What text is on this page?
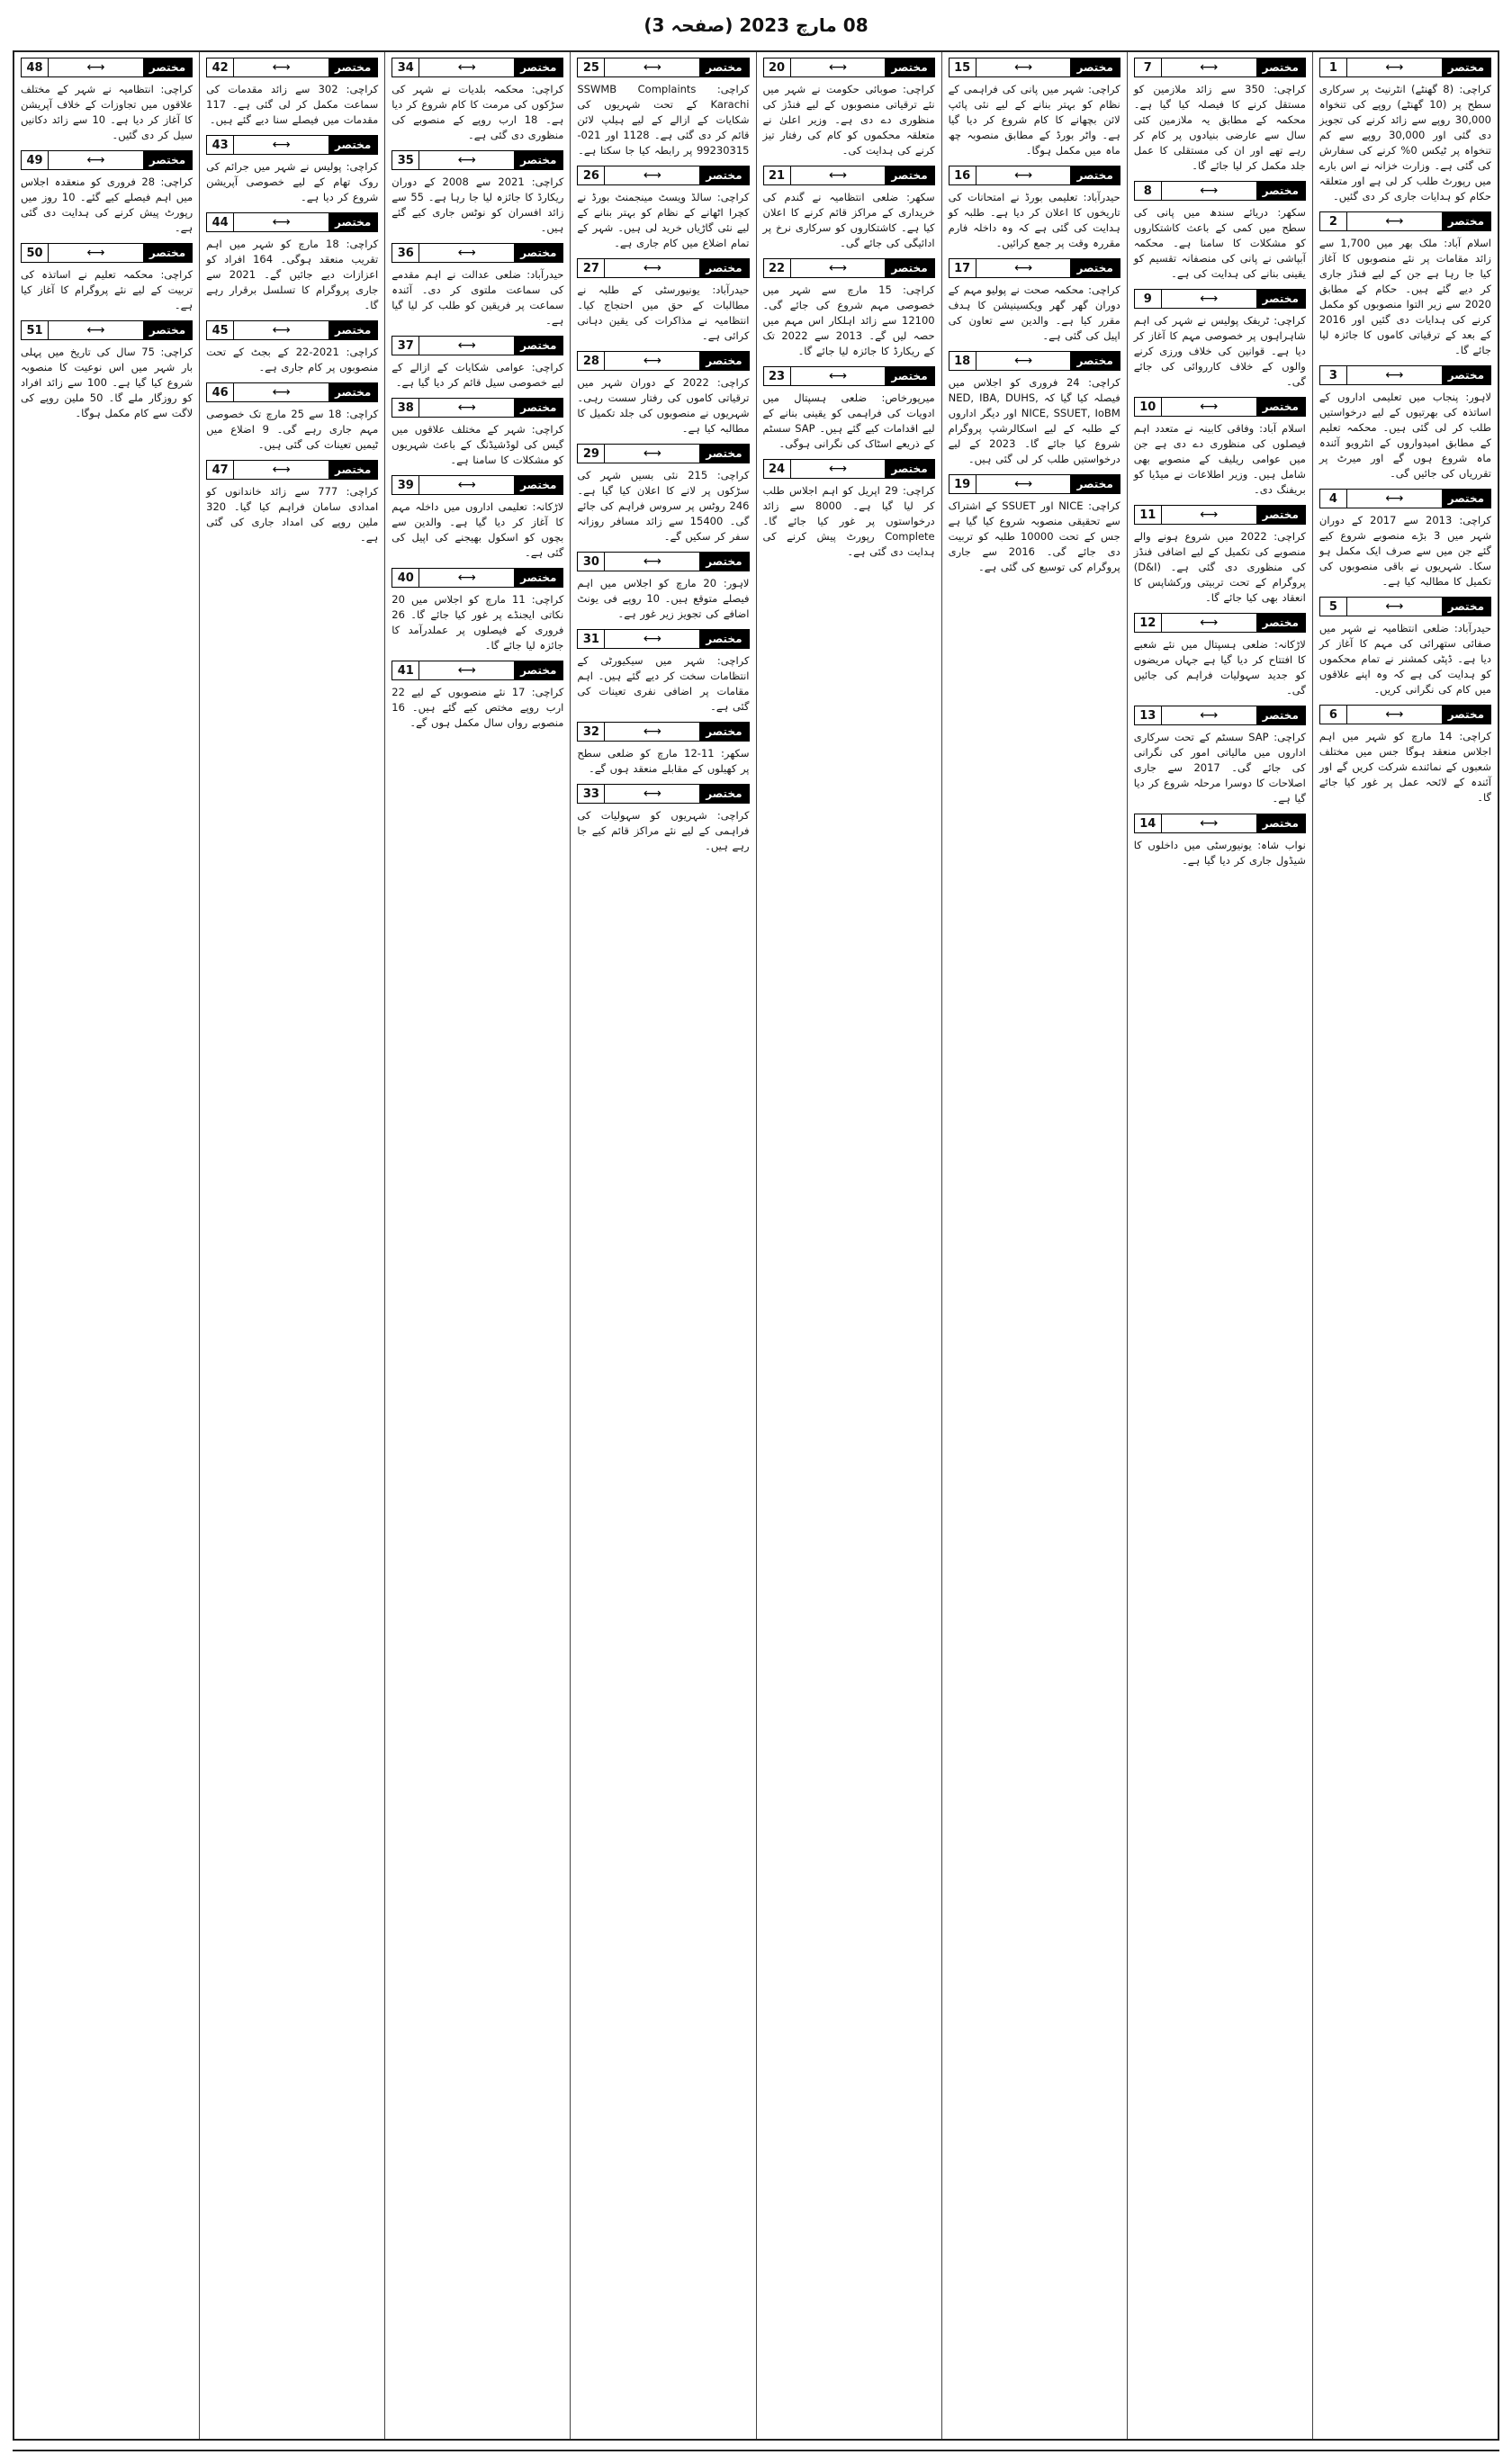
08 مارچ 2023 (صفحہ 3)
مختصر
⟷
1
کراچی: (8 گھنٹے) انٹرنیٹ پر سرکاری سطح پر (10 گھنٹے) روپے کی تنخواہ 30,000 روپے سے زائد کرنے کی تجویز دی گئی اور 30,000 روپے سے کم تنخواہ پر ٹیکس 0% کرنے کی سفارش کی گئی ہے۔ وزارت خزانہ نے اس بارے میں رپورٹ طلب کر لی ہے اور متعلقہ حکام کو ہدایات جاری کر دی گئیں۔
مختصر
⟷
2
اسلام آباد: ملک بھر میں 1,700 سے زائد مقامات پر نئے منصوبوں کا آغاز کیا جا رہا ہے جن کے لیے فنڈز جاری کر دیے گئے ہیں۔ حکام کے مطابق 2020 سے زیر التوا منصوبوں کو مکمل کرنے کی ہدایات دی گئیں اور 2016 کے بعد کے ترقیاتی کاموں کا جائزہ لیا جائے گا۔
مختصر
⟷
3
لاہور: پنجاب میں تعلیمی اداروں کے اساتذہ کی بھرتیوں کے لیے درخواستیں طلب کر لی گئی ہیں۔ محکمہ تعلیم کے مطابق امیدواروں کے انٹرویو آئندہ ماہ شروع ہوں گے اور میرٹ پر تقرریاں کی جائیں گی۔
مختصر
⟷
4
کراچی: 2013 سے 2017 کے دوران شہر میں 3 بڑے منصوبے شروع کیے گئے جن میں سے صرف ایک مکمل ہو سکا۔ شہریوں نے باقی منصوبوں کی تکمیل کا مطالبہ کیا ہے۔
مختصر
⟷
5
حیدرآباد: ضلعی انتظامیہ نے شہر میں صفائی ستھرائی کی مہم کا آغاز کر دیا ہے۔ ڈپٹی کمشنر نے تمام محکموں کو ہدایت کی ہے کہ وہ اپنے علاقوں میں کام کی نگرانی کریں۔
مختصر
⟷
6
کراچی: 14 مارچ کو شہر میں اہم اجلاس منعقد ہوگا جس میں مختلف شعبوں کے نمائندے شرکت کریں گے اور آئندہ کے لائحہ عمل پر غور کیا جائے گا۔
مختصر
⟷
7
کراچی: 350 سے زائد ملازمین کو مستقل کرنے کا فیصلہ کیا گیا ہے۔ محکمہ کے مطابق یہ ملازمین کئی سال سے عارضی بنیادوں پر کام کر رہے تھے اور ان کی مستقلی کا عمل جلد مکمل کر لیا جائے گا۔
مختصر
⟷
8
سکھر: دریائے سندھ میں پانی کی سطح میں کمی کے باعث کاشتکاروں کو مشکلات کا سامنا ہے۔ محکمہ آبپاشی نے پانی کی منصفانہ تقسیم کو یقینی بنانے کی ہدایت کی ہے۔
مختصر
⟷
9
کراچی: ٹریفک پولیس نے شہر کی اہم شاہراہوں پر خصوصی مہم کا آغاز کر دیا ہے۔ قوانین کی خلاف ورزی کرنے والوں کے خلاف کارروائی کی جائے گی۔
مختصر
⟷
10
اسلام آباد: وفاقی کابینہ نے متعدد اہم فیصلوں کی منظوری دے دی ہے جن میں عوامی ریلیف کے منصوبے بھی شامل ہیں۔ وزیر اطلاعات نے میڈیا کو بریفنگ دی۔
مختصر
⟷
11
کراچی: 2022 میں شروع ہونے والے منصوبے کی تکمیل کے لیے اضافی فنڈز کی منظوری دی گئی ہے۔ (D&I) پروگرام کے تحت تربیتی ورکشاپس کا انعقاد بھی کیا جائے گا۔
مختصر
⟷
12
لاڑکانہ: ضلعی ہسپتال میں نئے شعبے کا افتتاح کر دیا گیا ہے جہاں مریضوں کو جدید سہولیات فراہم کی جائیں گی۔
مختصر
⟷
13
کراچی: SAP سسٹم کے تحت سرکاری اداروں میں مالیاتی امور کی نگرانی کی جائے گی۔ 2017 سے جاری اصلاحات کا دوسرا مرحلہ شروع کر دیا گیا ہے۔
مختصر
⟷
14
نواب شاہ: یونیورسٹی میں داخلوں کا شیڈول جاری کر دیا گیا ہے۔
مختصر
⟷
15
کراچی: شہر میں پانی کی فراہمی کے نظام کو بہتر بنانے کے لیے نئی پائپ لائن بچھانے کا کام شروع کر دیا گیا ہے۔ واٹر بورڈ کے مطابق منصوبہ چھ ماہ میں مکمل ہوگا۔
مختصر
⟷
16
حیدرآباد: تعلیمی بورڈ نے امتحانات کی تاریخوں کا اعلان کر دیا ہے۔ طلبہ کو ہدایت کی گئی ہے کہ وہ داخلہ فارم مقررہ وقت پر جمع کرائیں۔
مختصر
⟷
17
کراچی: محکمہ صحت نے پولیو مہم کے دوران گھر گھر ویکسینیشن کا ہدف مقرر کیا ہے۔ والدین سے تعاون کی اپیل کی گئی ہے۔
مختصر
⟷
18
کراچی: 24 فروری کو اجلاس میں فیصلہ کیا گیا کہ NED, IBA, DUHS, NICE, SSUET, IoBM اور دیگر اداروں کے طلبہ کے لیے اسکالرشپ پروگرام شروع کیا جائے گا۔ 2023 کے لیے درخواستیں طلب کر لی گئی ہیں۔
مختصر
⟷
19
کراچی: NICE اور SSUET کے اشتراک سے تحقیقی منصوبہ شروع کیا گیا ہے جس کے تحت 10000 طلبہ کو تربیت دی جائے گی۔ 2016 سے جاری پروگرام کی توسیع کی گئی ہے۔
مختصر
⟷
20
کراچی: صوبائی حکومت نے شہر میں نئے ترقیاتی منصوبوں کے لیے فنڈز کی منظوری دے دی ہے۔ وزیر اعلیٰ نے متعلقہ محکموں کو کام کی رفتار تیز کرنے کی ہدایت کی۔
مختصر
⟷
21
سکھر: ضلعی انتظامیہ نے گندم کی خریداری کے مراکز قائم کرنے کا اعلان کیا ہے۔ کاشتکاروں کو سرکاری نرخ پر ادائیگی کی جائے گی۔
مختصر
⟷
22
کراچی: 15 مارچ سے شہر میں خصوصی مہم شروع کی جائے گی۔ 12100 سے زائد اہلکار اس مہم میں حصہ لیں گے۔ 2013 سے 2022 تک کے ریکارڈ کا جائزہ لیا جائے گا۔
مختصر
⟷
23
میرپورخاص: ضلعی ہسپتال میں ادویات کی فراہمی کو یقینی بنانے کے لیے اقدامات کیے گئے ہیں۔ SAP سسٹم کے ذریعے اسٹاک کی نگرانی ہوگی۔
مختصر
⟷
24
کراچی: 29 اپریل کو اہم اجلاس طلب کر لیا گیا ہے۔ 8000 سے زائد درخواستوں پر غور کیا جائے گا۔ Complete رپورٹ پیش کرنے کی ہدایت دی گئی ہے۔
مختصر
⟷
25
کراچی: SSWMB Complaints Karachi کے تحت شہریوں کی شکایات کے ازالے کے لیے ہیلپ لائن قائم کر دی گئی ہے۔ 1128 اور 021-99230315 پر رابطہ کیا جا سکتا ہے۔
مختصر
⟷
26
کراچی: سالڈ ویسٹ مینجمنٹ بورڈ نے کچرا اٹھانے کے نظام کو بہتر بنانے کے لیے نئی گاڑیاں خرید لی ہیں۔ شہر کے تمام اضلاع میں کام جاری ہے۔
مختصر
⟷
27
حیدرآباد: یونیورسٹی کے طلبہ نے مطالبات کے حق میں احتجاج کیا۔ انتظامیہ نے مذاکرات کی یقین دہانی کرائی ہے۔
مختصر
⟷
28
کراچی: 2022 کے دوران شہر میں ترقیاتی کاموں کی رفتار سست رہی۔ شہریوں نے منصوبوں کی جلد تکمیل کا مطالبہ کیا ہے۔
مختصر
⟷
29
کراچی: 215 نئی بسیں شہر کی سڑکوں پر لانے کا اعلان کیا گیا ہے۔ 246 روٹس پر سروس فراہم کی جائے گی۔ 15400 سے زائد مسافر روزانہ سفر کر سکیں گے۔
مختصر
⟷
30
لاہور: 20 مارچ کو اجلاس میں اہم فیصلے متوقع ہیں۔ 10 روپے فی یونٹ اضافے کی تجویز زیر غور ہے۔
مختصر
⟷
31
کراچی: شہر میں سیکیورٹی کے انتظامات سخت کر دیے گئے ہیں۔ اہم مقامات پر اضافی نفری تعینات کی گئی ہے۔
مختصر
⟷
32
سکھر: 11-12 مارچ کو ضلعی سطح پر کھیلوں کے مقابلے منعقد ہوں گے۔
مختصر
⟷
33
کراچی: شہریوں کو سہولیات کی فراہمی کے لیے نئے مراکز قائم کیے جا رہے ہیں۔
مختصر
⟷
34
کراچی: محکمہ بلدیات نے شہر کی سڑکوں کی مرمت کا کام شروع کر دیا ہے۔ 18 ارب روپے کے منصوبے کی منظوری دی گئی ہے۔
مختصر
⟷
35
کراچی: 2021 سے 2008 کے دوران ریکارڈ کا جائزہ لیا جا رہا ہے۔ 55 سے زائد افسران کو نوٹس جاری کیے گئے ہیں۔
مختصر
⟷
36
حیدرآباد: ضلعی عدالت نے اہم مقدمے کی سماعت ملتوی کر دی۔ آئندہ سماعت پر فریقین کو طلب کر لیا گیا ہے۔
مختصر
⟷
37
کراچی: عوامی شکایات کے ازالے کے لیے خصوصی سیل قائم کر دیا گیا ہے۔
مختصر
⟷
38
کراچی: شہر کے مختلف علاقوں میں گیس کی لوڈشیڈنگ کے باعث شہریوں کو مشکلات کا سامنا ہے۔
مختصر
⟷
39
لاڑکانہ: تعلیمی اداروں میں داخلہ مہم کا آغاز کر دیا گیا ہے۔ والدین سے بچوں کو اسکول بھیجنے کی اپیل کی گئی ہے۔
مختصر
⟷
40
کراچی: 11 مارچ کو اجلاس میں 20 نکاتی ایجنڈے پر غور کیا جائے گا۔ 26 فروری کے فیصلوں پر عملدرآمد کا جائزہ لیا جائے گا۔
مختصر
⟷
41
کراچی: 17 نئے منصوبوں کے لیے 22 ارب روپے مختص کیے گئے ہیں۔ 16 منصوبے رواں سال مکمل ہوں گے۔
مختصر
⟷
42
کراچی: 302 سے زائد مقدمات کی سماعت مکمل کر لی گئی ہے۔ 117 مقدمات میں فیصلے سنا دیے گئے ہیں۔
مختصر
⟷
43
کراچی: پولیس نے شہر میں جرائم کی روک تھام کے لیے خصوصی آپریشن شروع کر دیا ہے۔
مختصر
⟷
44
کراچی: 18 مارچ کو شہر میں اہم تقریب منعقد ہوگی۔ 164 افراد کو اعزازات دیے جائیں گے۔ 2021 سے جاری پروگرام کا تسلسل برقرار رہے گا۔
مختصر
⟷
45
کراچی: 2021-22 کے بجٹ کے تحت منصوبوں پر کام جاری ہے۔
مختصر
⟷
46
کراچی: 18 سے 25 مارچ تک خصوصی مہم جاری رہے گی۔ 9 اضلاع میں ٹیمیں تعینات کی گئی ہیں۔
مختصر
⟷
47
کراچی: 777 سے زائد خاندانوں کو امدادی سامان فراہم کیا گیا۔ 320 ملین روپے کی امداد جاری کی گئی ہے۔
مختصر
⟷
48
کراچی: انتظامیہ نے شہر کے مختلف علاقوں میں تجاوزات کے خلاف آپریشن کا آغاز کر دیا ہے۔ 10 سے زائد دکانیں سیل کر دی گئیں۔
مختصر
⟷
49
کراچی: 28 فروری کو منعقدہ اجلاس میں اہم فیصلے کیے گئے۔ 10 روز میں رپورٹ پیش کرنے کی ہدایت دی گئی ہے۔
مختصر
⟷
50
کراچی: محکمہ تعلیم نے اساتذہ کی تربیت کے لیے نئے پروگرام کا آغاز کیا ہے۔
مختصر
⟷
51
کراچی: 75 سال کی تاریخ میں پہلی بار شہر میں اس نوعیت کا منصوبہ شروع کیا گیا ہے۔ 100 سے زائد افراد کو روزگار ملے گا۔ 50 ملین روپے کی لاگت سے کام مکمل ہوگا۔
